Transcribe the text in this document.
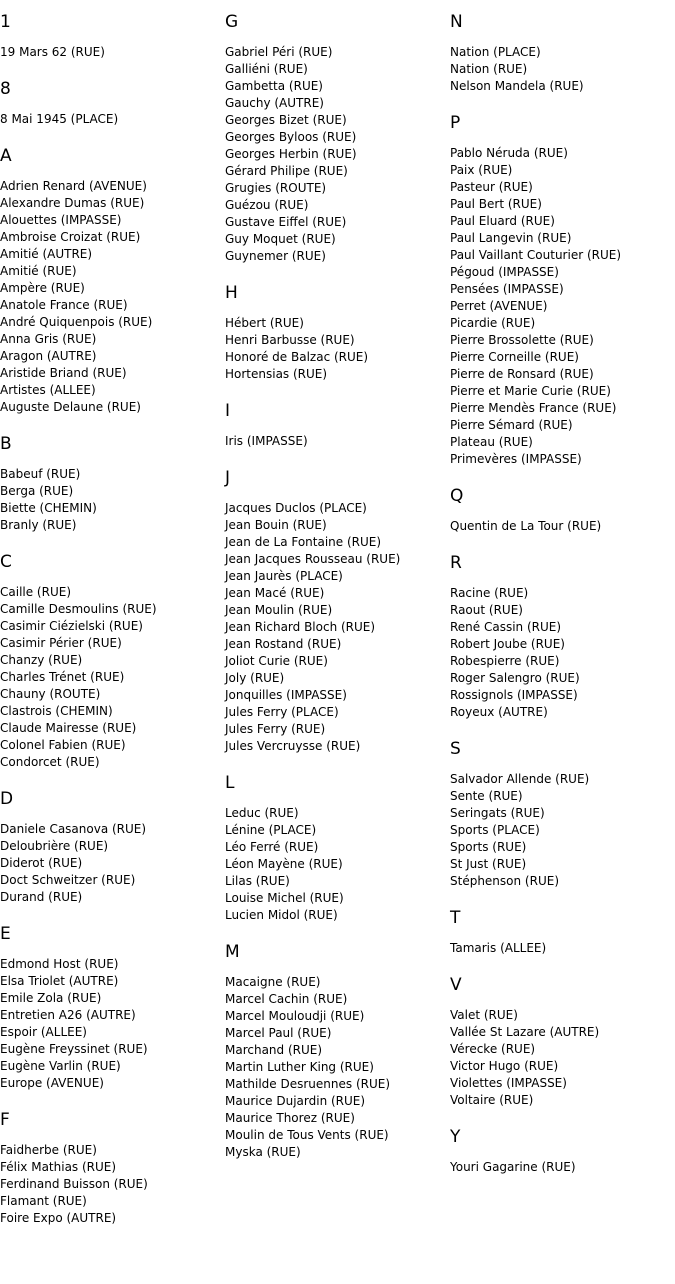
1
19 Mars 62 (RUE)
8
8 Mai 1945 (PLACE)
A
Adrien Renard (AVENUE)
Alexandre Dumas (RUE)
Alouettes (IMPASSE)
Ambroise Croizat (RUE)
Amitié (AUTRE)
Amitié (RUE)
Ampère (RUE)
Anatole France (RUE)
André Quiquenpois (RUE)
Anna Gris (RUE)
Aragon (AUTRE)
Aristide Briand (RUE)
Artistes (ALLEE)
Auguste Delaune (RUE)
B
Babeuf (RUE)
Berga (RUE)
Biette (CHEMIN)
Branly (RUE)
C
Caille (RUE)
Camille Desmoulins (RUE)
Casimir Ciézielski (RUE)
Casimir Périer (RUE)
Chanzy (RUE)
Charles Trénet (RUE)
Chauny (ROUTE)
Clastrois (CHEMIN)
Claude Mairesse (RUE)
Colonel Fabien (RUE)
Condorcet (RUE)
D
Daniele Casanova (RUE)
Deloubrière (RUE)
Diderot (RUE)
Doct Schweitzer (RUE)
Durand (RUE)
E
Edmond Host (RUE)
Elsa Triolet (AUTRE)
Emile Zola (RUE)
Entretien A26 (AUTRE)
Espoir (ALLEE)
Eugène Freyssinet (RUE)
Eugène Varlin (RUE)
Europe (AVENUE)
F
Faidherbe (RUE)
Félix Mathias (RUE)
Ferdinand Buisson (RUE)
Flamant (RUE)
Foire Expo (AUTRE)
G
Gabriel Péri (RUE)
Galliéni (RUE)
Gambetta (RUE)
Gauchy (AUTRE)
Georges Bizet (RUE)
Georges Byloos (RUE)
Georges Herbin (RUE)
Gérard Philipe (RUE)
Grugies (ROUTE)
Guézou (RUE)
Gustave Eiffel (RUE)
Guy Moquet (RUE)
Guynemer (RUE)
H
Hébert (RUE)
Henri Barbusse (RUE)
Honoré de Balzac (RUE)
Hortensias (RUE)
I
Iris (IMPASSE)
J
Jacques Duclos (PLACE)
Jean Bouin (RUE)
Jean de La Fontaine (RUE)
Jean Jacques Rousseau (RUE)
Jean Jaurès (PLACE)
Jean Macé (RUE)
Jean Moulin (RUE)
Jean Richard Bloch (RUE)
Jean Rostand (RUE)
Joliot Curie (RUE)
Joly (RUE)
Jonquilles (IMPASSE)
Jules Ferry (PLACE)
Jules Ferry (RUE)
Jules Vercruysse (RUE)
L
Leduc (RUE)
Lénine (PLACE)
Léo Ferré (RUE)
Léon Mayène (RUE)
Lilas (RUE)
Louise Michel (RUE)
Lucien Midol (RUE)
M
Macaigne (RUE)
Marcel Cachin (RUE)
Marcel Mouloudji (RUE)
Marcel Paul (RUE)
Marchand (RUE)
Martin Luther King (RUE)
Mathilde Desruennes (RUE)
Maurice Dujardin (RUE)
Maurice Thorez (RUE)
Moulin de Tous Vents (RUE)
Myska (RUE)
N
Nation (PLACE)
Nation (RUE)
Nelson Mandela (RUE)
P
Pablo Néruda (RUE)
Paix (RUE)
Pasteur (RUE)
Paul Bert (RUE)
Paul Eluard (RUE)
Paul Langevin (RUE)
Paul Vaillant Couturier (RUE)
Pégoud (IMPASSE)
Pensées (IMPASSE)
Perret (AVENUE)
Picardie (RUE)
Pierre Brossolette (RUE)
Pierre Corneille (RUE)
Pierre de Ronsard (RUE)
Pierre et Marie Curie (RUE)
Pierre Mendès France (RUE)
Pierre Sémard (RUE)
Plateau (RUE)
Primevères (IMPASSE)
Q
Quentin de La Tour (RUE)
R
Racine (RUE)
Raout (RUE)
René Cassin (RUE)
Robert Joube (RUE)
Robespierre (RUE)
Roger Salengro (RUE)
Rossignols (IMPASSE)
Royeux (AUTRE)
S
Salvador Allende (RUE)
Sente (RUE)
Seringats (RUE)
Sports (PLACE)
Sports (RUE)
St Just (RUE)
Stéphenson (RUE)
T
Tamaris (ALLEE)
V
Valet (RUE)
Vallée St Lazare (AUTRE)
Vérecke (RUE)
Victor Hugo (RUE)
Violettes (IMPASSE)
Voltaire (RUE)
Y
Youri Gagarine (RUE)
